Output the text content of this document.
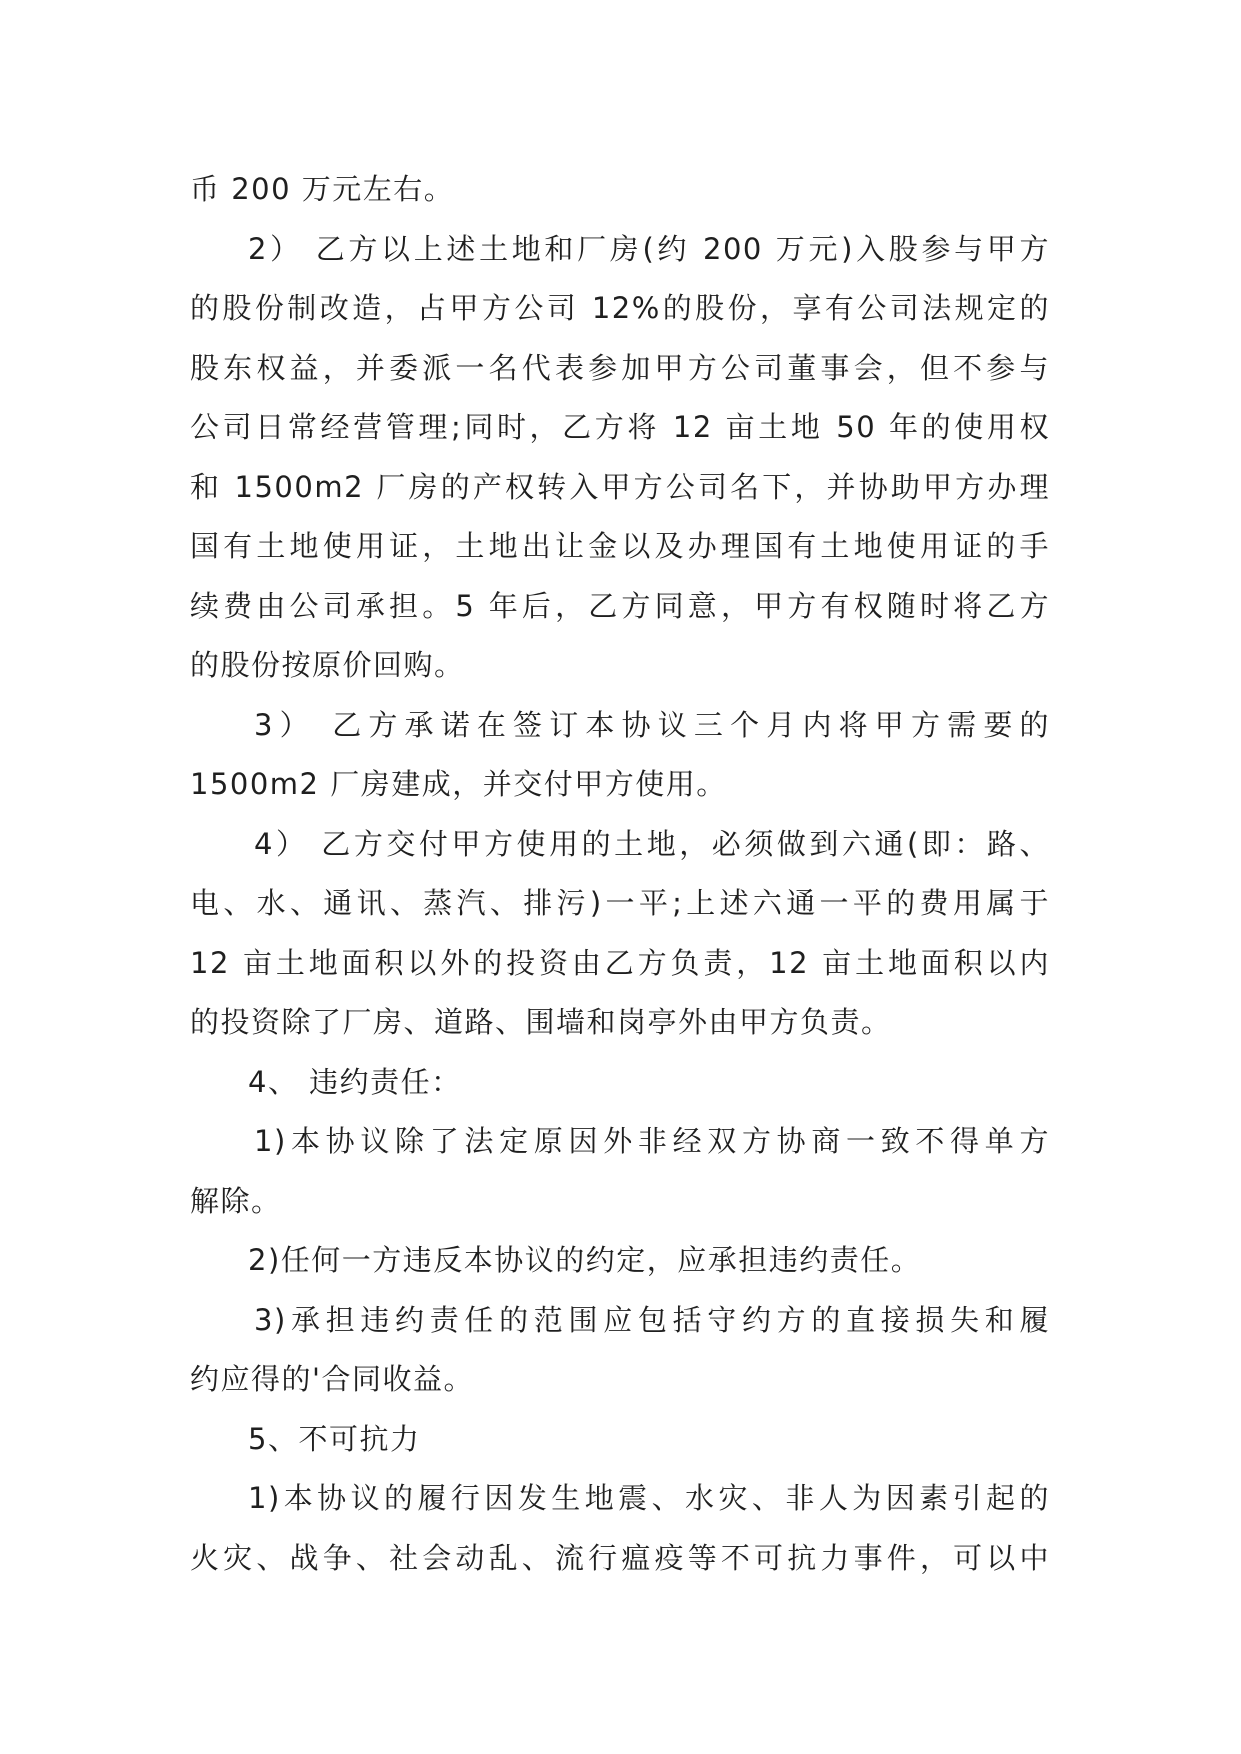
币 200 万元左右。
2） 乙方以上述土地和厂房(约 200 万元)入股参与甲方
的股份制改造，占甲方公司 12%的股份，享有公司法规定的
股东权益，并委派一名代表参加甲方公司董事会，但不参与
公司日常经营管理;同时，乙方将 12 亩土地 50 年的使用权
和 1500m2 厂房的产权转入甲方公司名下，并协助甲方办理
国有土地使用证，土地出让金以及办理国有土地使用证的手
续费由公司承担。5 年后，乙方同意，甲方有权随时将乙方
的股份按原价回购。
3） 乙方承诺在签订本协议三个月内将甲方需要的
1500m2 厂房建成，并交付甲方使用。
4） 乙方交付甲方使用的土地，必须做到六通(即：路、
电、水、通讯、蒸汽、排污)一平;上述六通一平的费用属于
12 亩土地面积以外的投资由乙方负责，12 亩土地面积以内
的投资除了厂房、道路、围墙和岗亭外由甲方负责。
4、 违约责任：
1)本协议除了法定原因外非经双方协商一致不得单方
解除。
2)任何一方违反本协议的约定，应承担违约责任。
3)承担违约责任的范围应包括守约方的直接损失和履
约应得的'合同收益。
5、不可抗力
1)本协议的履行因发生地震、水灾、非人为因素引起的
火灾、战争、社会动乱、流行瘟疫等不可抗力事件，可以中
